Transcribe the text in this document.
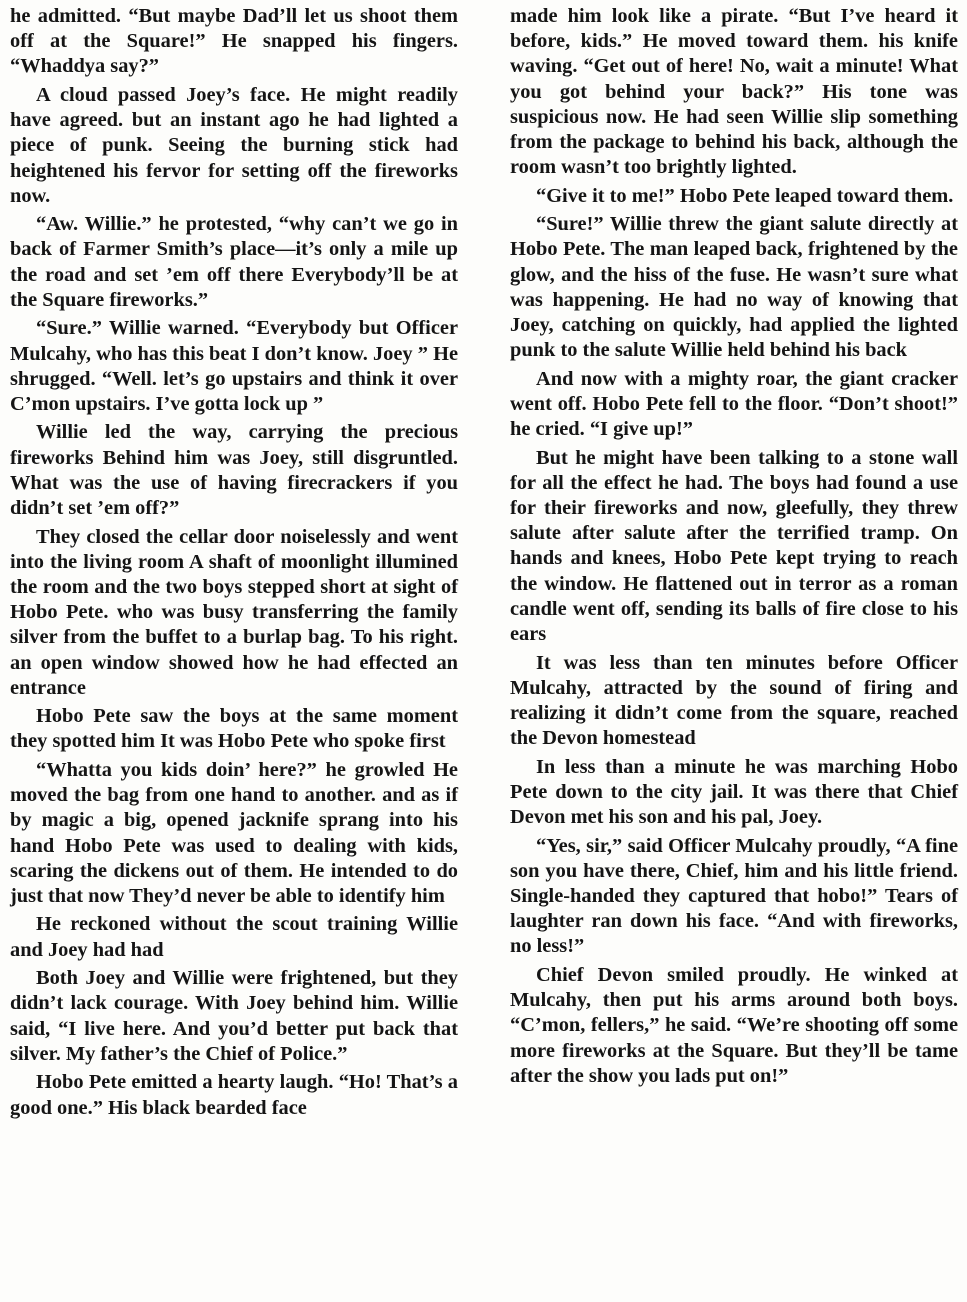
he admitted. “But maybe Dad’ll let us shoot them off at the Square!” He snapped his fingers. “Whaddya say?”

A cloud passed Joey’s face. He might readily have agreed. but an instant ago he had lighted a piece of punk. Seeing the burning stick had heightened his fervor for setting off the fireworks now.

“Aw. Willie.” he protested, “why can’t we go in back of Farmer Smith’s place—it’s only a mile up the road and set ’em off there Everybody’ll be at the Square fireworks.”

“Sure.” Willie warned. “Everybody but Officer Mulcahy, who has this beat I don’t know. Joey ” He shrugged. “Well. let’s go upstairs and think it over C’mon upstairs. I’ve gotta lock up ”

Willie led the way, carrying the precious fireworks Behind him was Joey, still disgruntled. What was the use of having firecrackers if you didn’t set ’em off?”

They closed the cellar door noiselessly and went into the living room A shaft of moonlight illumined the room and the two boys stepped short at sight of Hobo Pete. who was busy transferring the family silver from the buffet to a burlap bag. To his right. an open window showed how he had effected an entrance

Hobo Pete saw the boys at the same moment they spotted him It was Hobo Pete who spoke first

“Whatta you kids doin’ here?” he growled He moved the bag from one hand to another. and as if by magic a big, opened jacknife sprang into his hand Hobo Pete was used to dealing with kids, scaring the dickens out of them. He intended to do just that now They’d never be able to identify him

He reckoned without the scout training Willie and Joey had had

Both Joey and Willie were frightened, but they didn’t lack courage. With Joey behind him. Willie said, “I live here. And you’d better put back that silver. My father’s the Chief of Police.”

Hobo Pete emitted a hearty laugh. “Ho! That’s a good one.” His black bearded face

made him look like a pirate. “But I’ve heard it before, kids.” He moved toward them. his knife waving. “Get out of here! No, wait a minute! What you got behind your back?” His tone was suspicious now. He had seen Willie slip something from the package to behind his back, although the room wasn’t too brightly lighted.

“Give it to me!” Hobo Pete leaped toward them.

“Sure!” Willie threw the giant salute directly at Hobo Pete. The man leaped back, frightened by the glow, and the hiss of the fuse. He wasn’t sure what was happening. He had no way of knowing that Joey, catching on quickly, had applied the lighted punk to the salute Willie held behind his back

And now with a mighty roar, the giant cracker went off. Hobo Pete fell to the floor. “Don’t shoot!” he cried. “I give up!”

But he might have been talking to a stone wall for all the effect he had. The boys had found a use for their fireworks and now, gleefully, they threw salute after salute after the terrified tramp. On hands and knees, Hobo Pete kept trying to reach the window. He flattened out in terror as a roman candle went off, sending its balls of fire close to his ears

It was less than ten minutes before Officer Mulcahy, attracted by the sound of firing and realizing it didn’t come from the square, reached the Devon homestead

In less than a minute he was marching Hobo Pete down to the city jail. It was there that Chief Devon met his son and his pal, Joey.

“Yes, sir,” said Officer Mulcahy proudly, “A fine son you have there, Chief, him and his little friend. Single-handed they captured that hobo!” Tears of laughter ran down his face. “And with fireworks, no less!”

Chief Devon smiled proudly. He winked at Mulcahy, then put his arms around both boys. “C’mon, fellers,” he said. “We’re shooting off some more fireworks at the Square. But they’ll be tame after the show you lads put on!”
